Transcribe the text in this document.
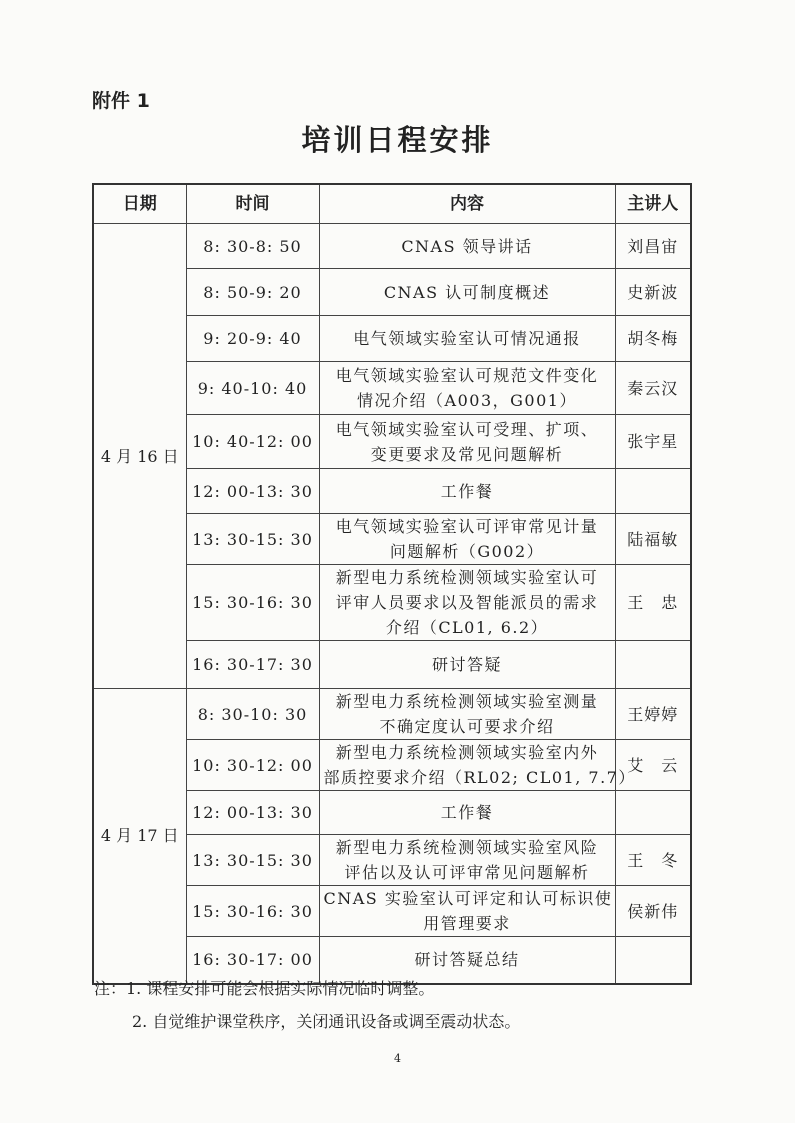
附件 1
培训日程安排
日期	时间	内容	主讲人
4 月 16 日	8: 30-8: 50	CNAS 领导讲话	刘昌宙
	8: 50-9: 20	CNAS 认可制度概述	史新波
	9: 20-9: 40	电气领域实验室认可情况通报	胡冬梅
	9: 40-10: 40	电气领域实验室认可规范文件变化
情况介绍（A003，G001）	秦云汉
	10: 40-12: 00	电气领域实验室认可受理、扩项、
变更要求及常见问题解析	张宇星
	12: 00-13: 30	工作餐	

	13: 30-15: 30	电气领域实验室认可评审常见计量
问题解析（G002）	陆福敏
	15: 30-16: 30	新型电力系统检测领域实验室认可
评审人员要求以及智能派员的需求
介绍（CL01, 6.2）	王　忠
	16: 30-17: 30	研讨答疑	

4 月 17 日	8: 30-10: 30	新型电力系统检测领域实验室测量
不确定度认可要求介绍	王婷婷
	10: 30-12: 00	新型电力系统检测领域实验室内外
部质控要求介绍（RL02; CL01, 7.7）	艾　云
	12: 00-13: 30	工作餐	

	13: 30-15: 30	新型电力系统检测领域实验室风险
评估以及认可评审常见问题解析	王　冬
	15: 30-16: 30	CNAS 实验室认可评定和认可标识使
用管理要求	侯新伟
	16: 30-17: 00	研讨答疑总结	

注：1. 课程安排可能会根据实际情况临时调整。
2. 自觉维护课堂秩序，关闭通讯设备或调至震动状态。
4
